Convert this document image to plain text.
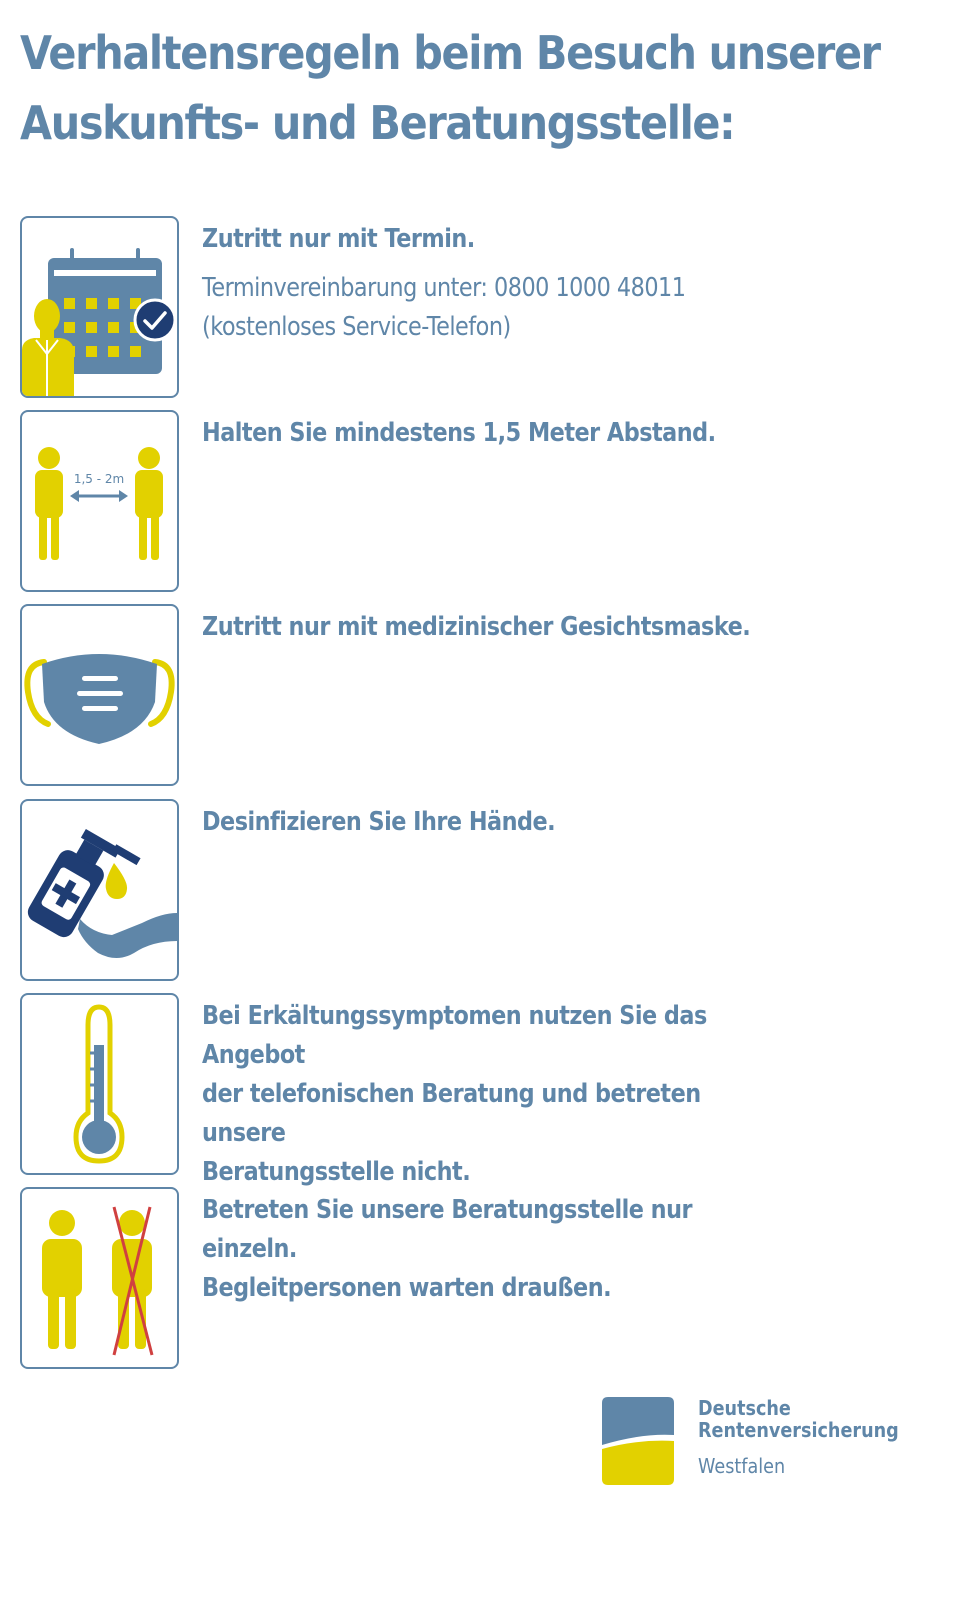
Verhaltensregeln beim Besuch unserer
Auskunfts- und Beratungsstelle:
Zutritt nur mit Termin.
Terminvereinbarung unter: 0800 1000 48011
(kostenloses Service-Telefon)
1,5 - 2m
Halten Sie mindestens 1,5 Meter Abstand.
Zutritt nur mit medizinischer Gesichtsmaske.
Desinfizieren Sie Ihre Hände.
Bei Erkältungssymptomen nutzen Sie das Angebot
der telefonischen Beratung und betreten unsere
Beratungsstelle nicht.
Betreten Sie unsere Beratungsstelle nur einzeln.
Begleitpersonen warten draußen.
Deutsche
Rentenversicherung
Westfalen
